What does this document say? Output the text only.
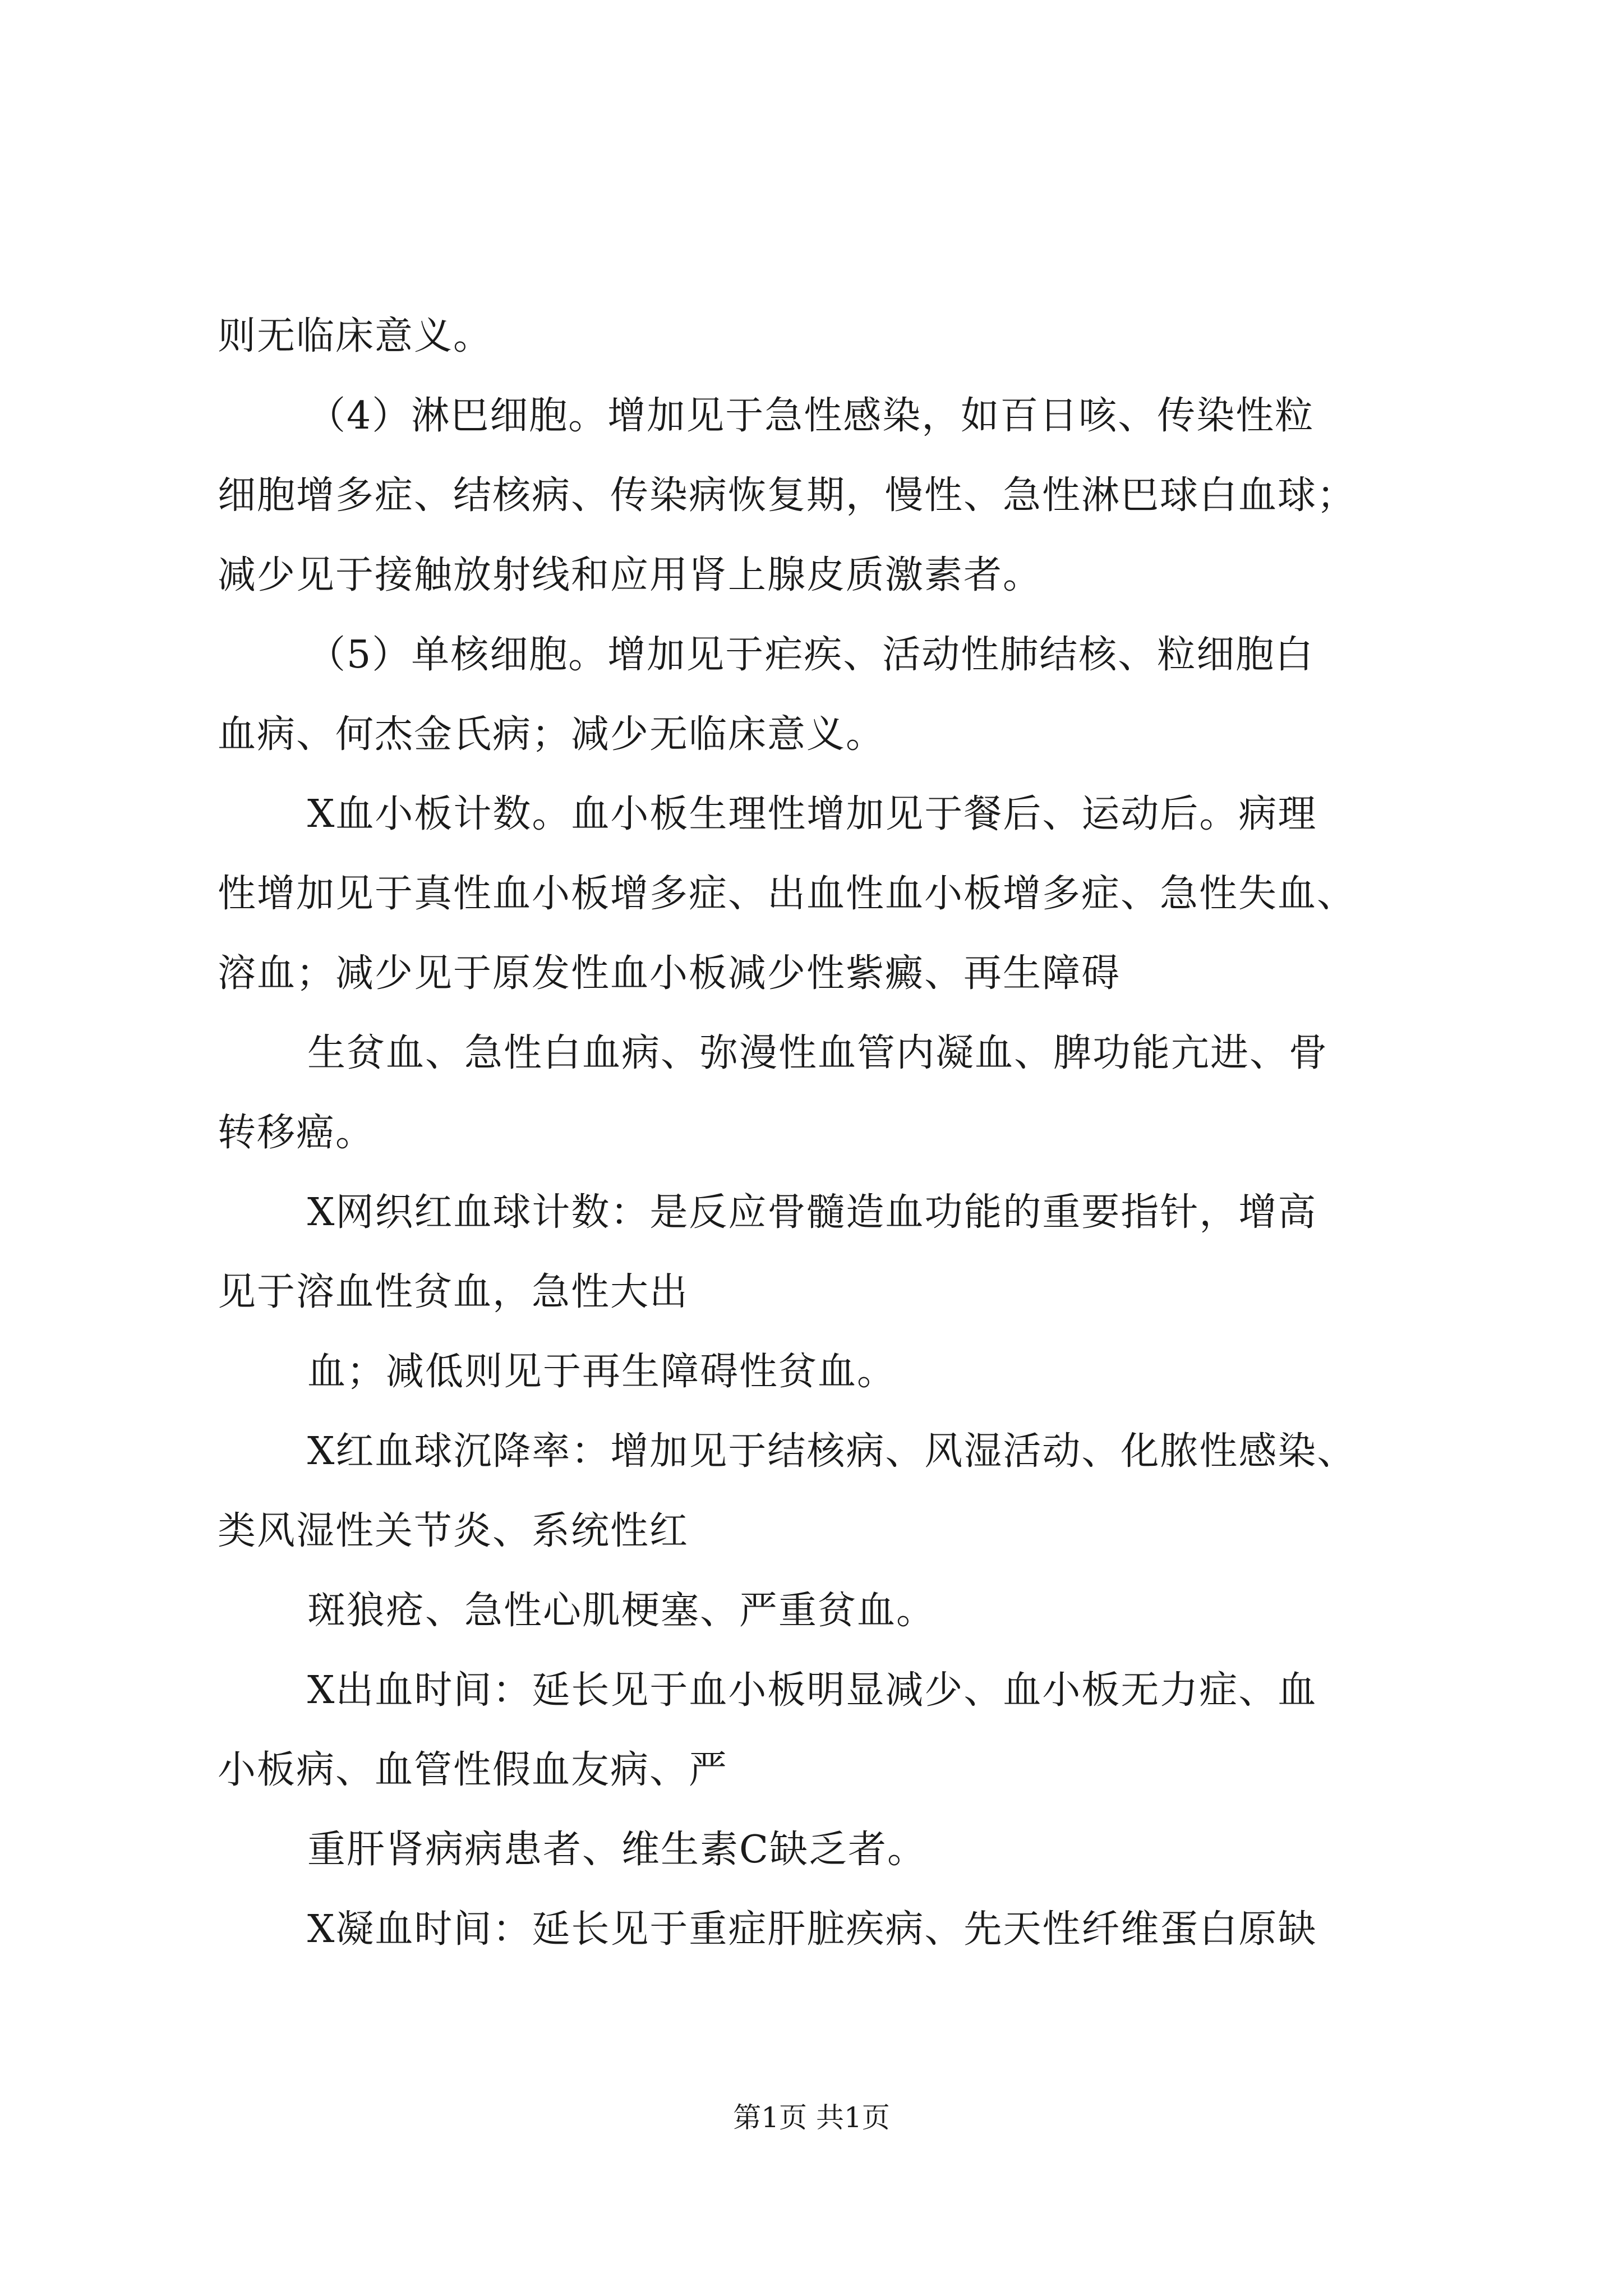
则无临床意义。
（4）淋巴细胞。增加见于急性感染，如百日咳、传染性粒
细胞增多症、结核病、传染病恢复期，慢性、急性淋巴球白血球；
减少见于接触放射线和应用肾上腺皮质激素者。
（5）单核细胞。增加见于疟疾、活动性肺结核、粒细胞白
血病、何杰金氏病；减少无临床意义。
X血小板计数。血小板生理性增加见于餐后、运动后。病理
性增加见于真性血小板增多症、出血性血小板增多症、急性失血、
溶血；减少见于原发性血小板减少性紫癜、再生障碍
生贫血、急性白血病、弥漫性血管内凝血、脾功能亢进、骨
转移癌。
X网织红血球计数：是反应骨髓造血功能的重要指针，增高
见于溶血性贫血，急性大出
血；减低则见于再生障碍性贫血。
X红血球沉降率：增加见于结核病、风湿活动、化脓性感染、
类风湿性关节炎、系统性红
斑狼疮、急性心肌梗塞、严重贫血。
X出血时间：延长见于血小板明显减少、血小板无力症、血
小板病、血管性假血友病、严
重肝肾病病患者、维生素C缺乏者。
X凝血时间：延长见于重症肝脏疾病、先天性纤维蛋白原缺
第1页 共1页
